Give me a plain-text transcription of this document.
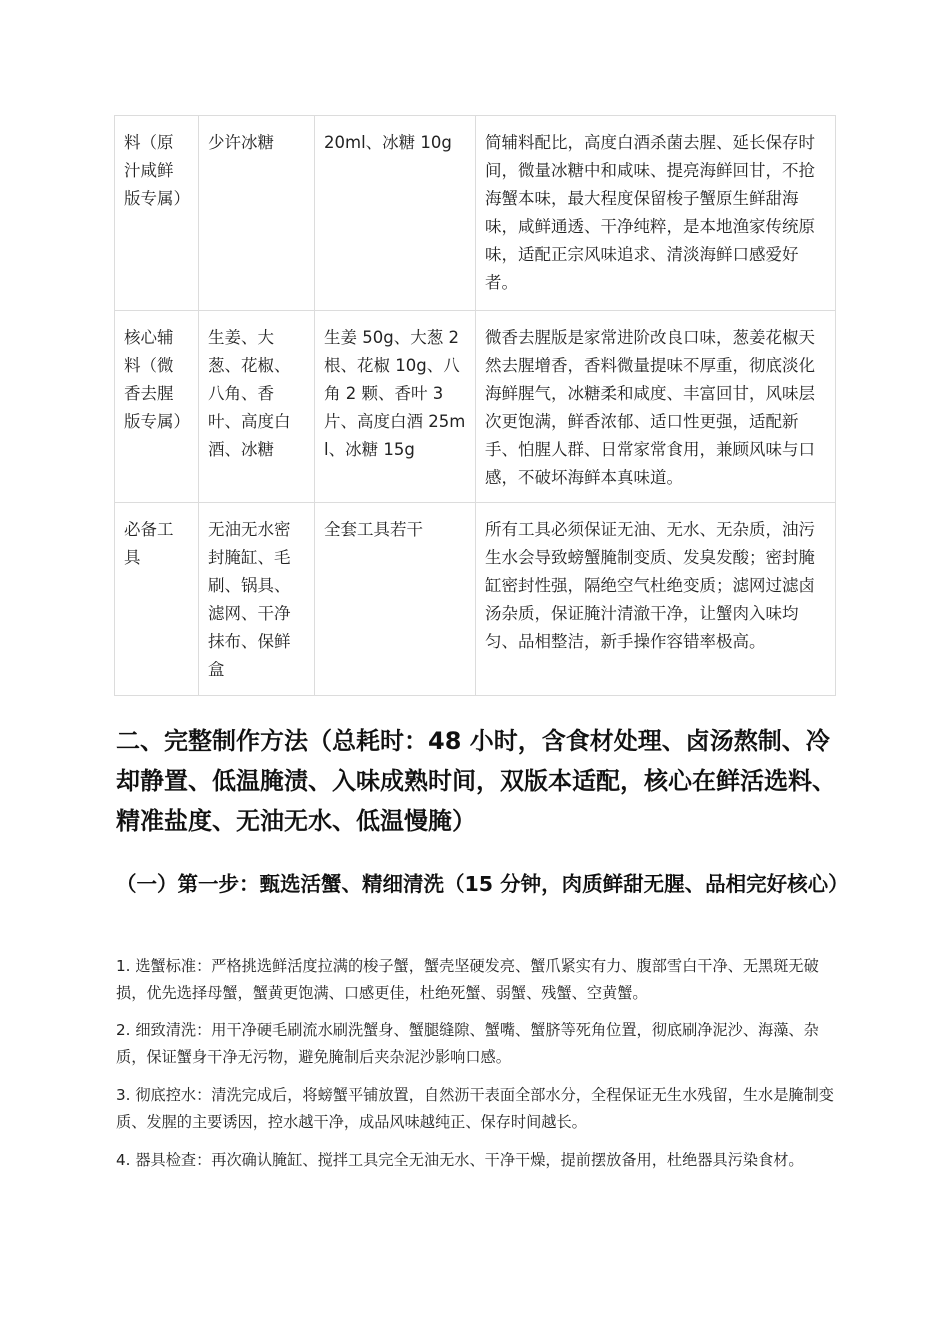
料（原汁咸鲜版专属）	少许冰糖	20ml、冰糖 10g	简辅料配比，高度白酒杀菌去腥、延长保存时间，微量冰糖中和咸味、提亮海鲜回甘，不抢海蟹本味，最大程度保留梭子蟹原生鲜甜海味，咸鲜通透、干净纯粹，是本地渔家传统原味，适配正宗风味追求、清淡海鲜口感爱好者。
核心辅料（微香去腥版专属）	生姜、大葱、花椒、八角、香叶、高度白酒、冰糖	生姜 50g、大葱 2 根、花椒 10g、八角 2 颗、香叶 3 片、高度白酒 25ml、冰糖 15g	微香去腥版是家常进阶改良口味，葱姜花椒天然去腥增香，香料微量提味不厚重，彻底淡化海鲜腥气，冰糖柔和咸度、丰富回甘，风味层次更饱满，鲜香浓郁、适口性更强，适配新手、怕腥人群、日常家常食用，兼顾风味与口感，不破坏海鲜本真味道。
必备工具	无油无水密封腌缸、毛刷、锅具、滤网、干净抹布、保鲜盒	全套工具若干	所有工具必须保证无油、无水、无杂质，油污生水会导致螃蟹腌制变质、发臭发酸；密封腌缸密封性强，隔绝空气杜绝变质；滤网过滤卤汤杂质，保证腌汁清澈干净，让蟹肉入味均匀、品相整洁，新手操作容错率极高。
二、完整制作方法（总耗时：48 小时，含食材处理、卤汤熬制、冷却静置、低温腌渍、入味成熟时间，双版本适配，核心在鲜活选料、精准盐度、无油无水、低温慢腌）
（一）第一步：甄选活蟹、精细清洗（15 分钟，肉质鲜甜无腥、品相完好核心）

1. 选蟹标准：严格挑选鲜活度拉满的梭子蟹，蟹壳坚硬发亮、蟹爪紧实有力、腹部雪白干净、无黑斑无破损，优先选择母蟹，蟹黄更饱满、口感更佳，杜绝死蟹、弱蟹、残蟹、空黄蟹。

2. 细致清洗：用干净硬毛刷流水刷洗蟹身、蟹腿缝隙、蟹嘴、蟹脐等死角位置，彻底刷净泥沙、海藻、杂质，保证蟹身干净无污物，避免腌制后夹杂泥沙影响口感。

3. 彻底控水：清洗完成后，将螃蟹平铺放置，自然沥干表面全部水分，全程保证无生水残留，生水是腌制变质、发腥的主要诱因，控水越干净，成品风味越纯正、保存时间越长。

4. 器具检查：再次确认腌缸、搅拌工具完全无油无水、干净干燥，提前摆放备用，杜绝器具污染食材。
